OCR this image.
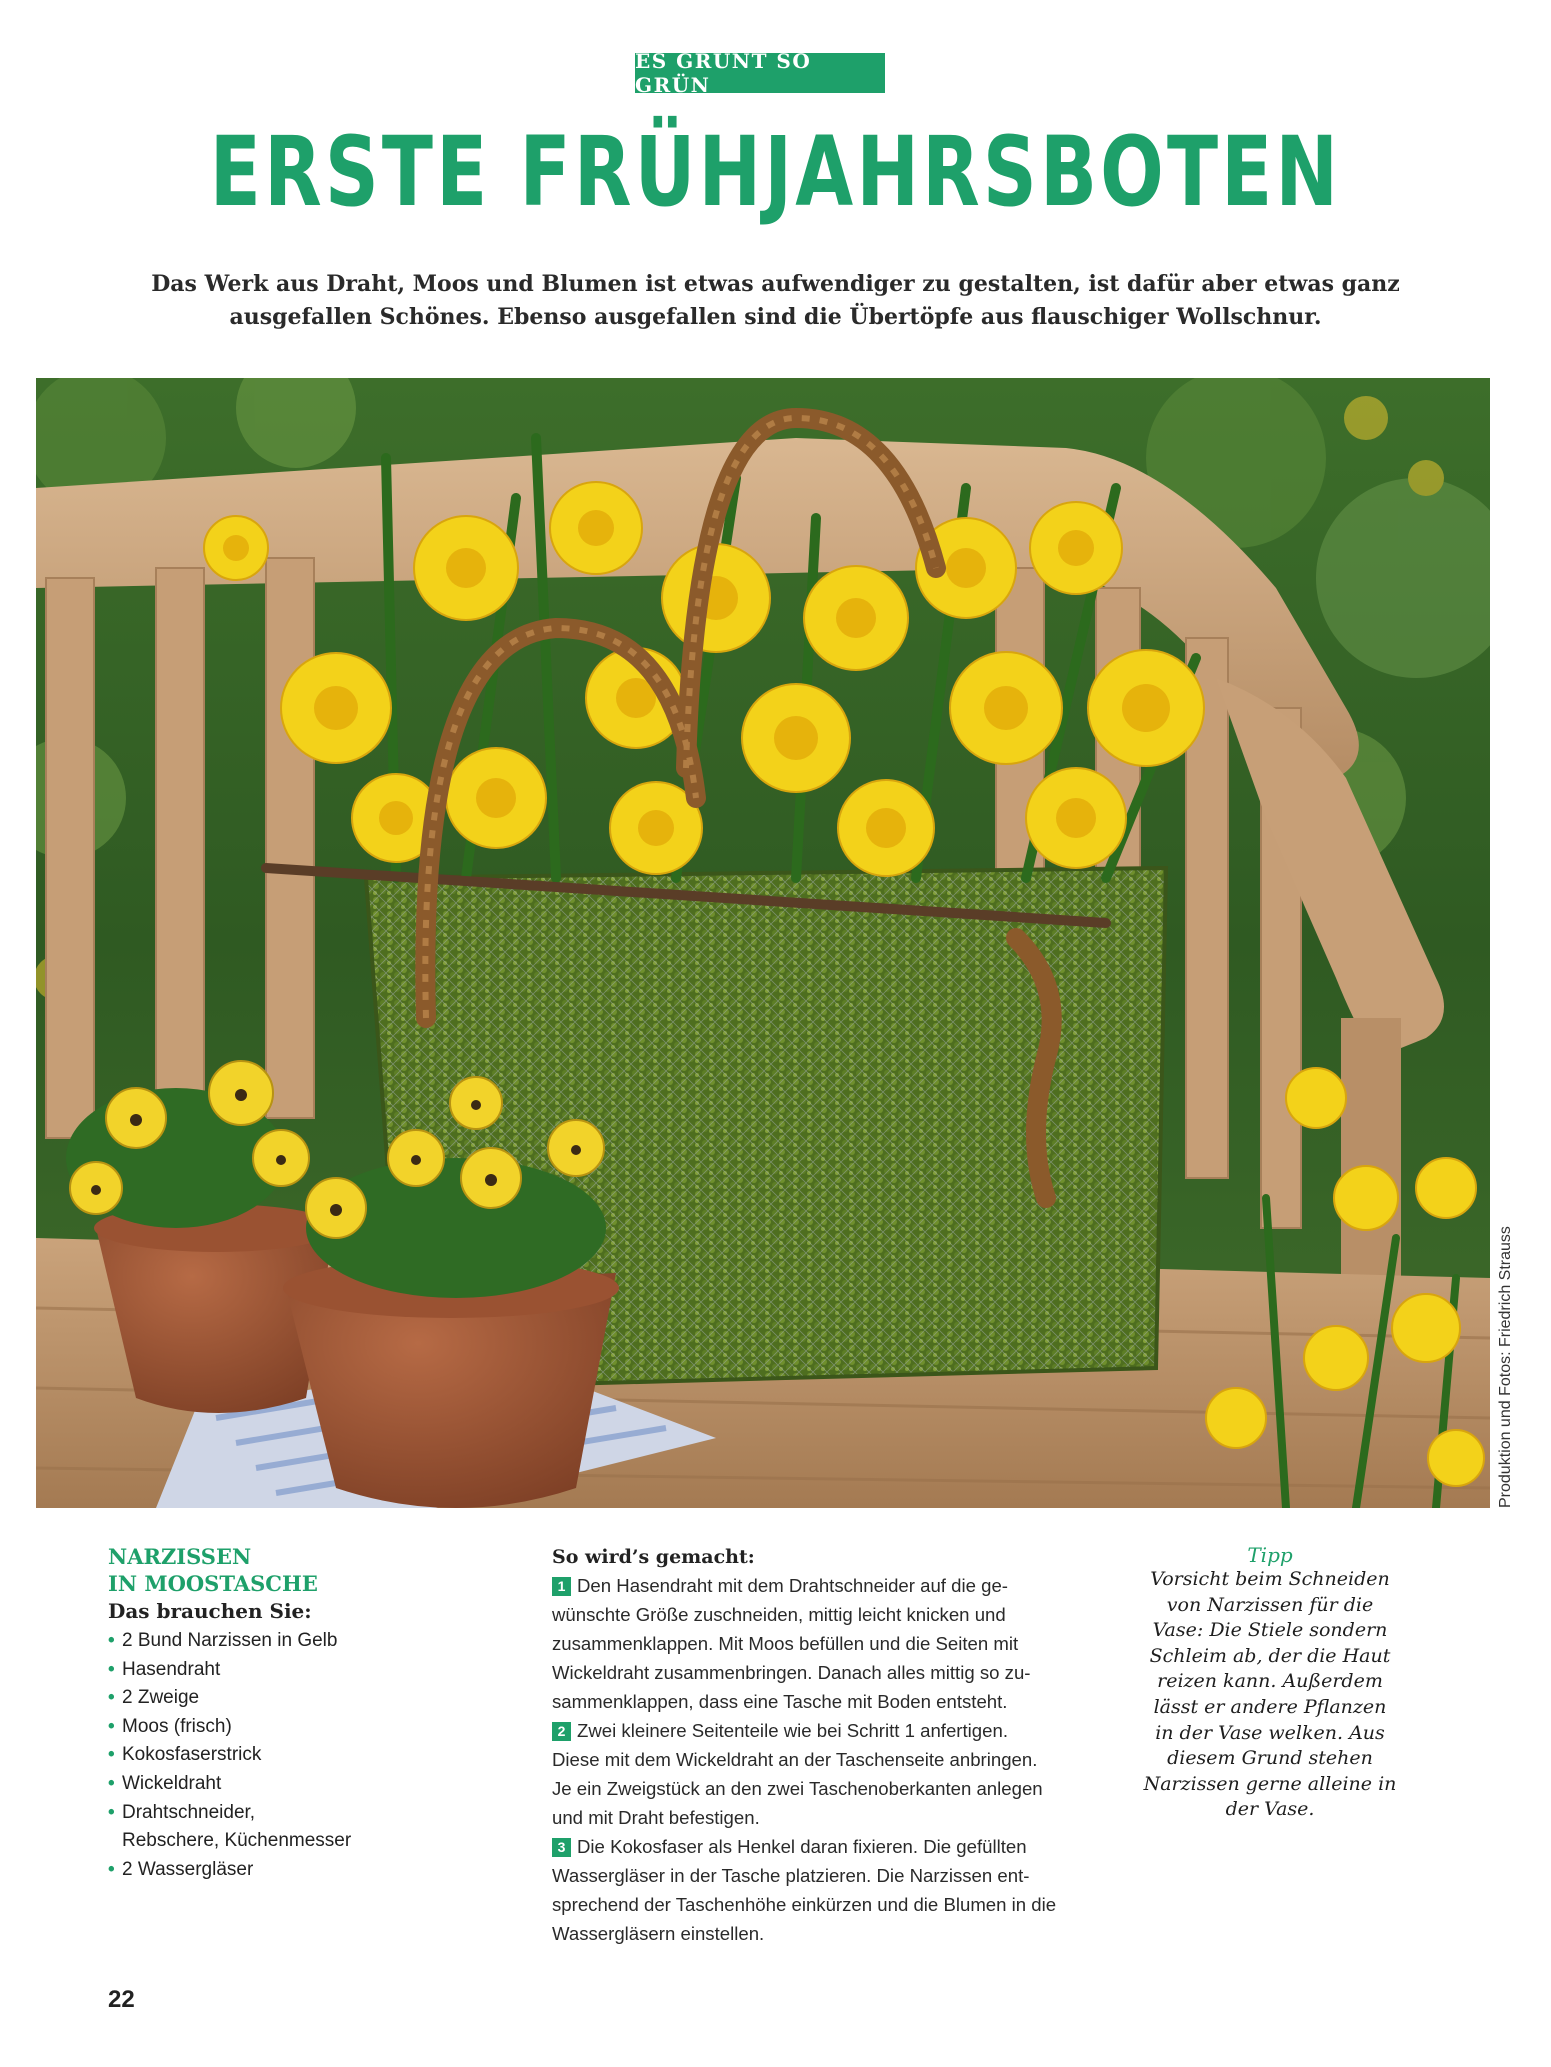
ES GRÜNT SO GRÜN
ERSTE FRÜHJAHRSBOTEN
Das Werk aus Draht, Moos und Blumen ist etwas aufwendiger zu gestalten, ist dafür aber etwas ganz
ausgefallen Schönes. Ebenso ausgefallen sind die Übertöpfe aus flauschiger Wollschnur.
Produktion und Fotos: Friedrich Strauss
NARZISSEN
IN MOOSTASCHE
Das brauchen Sie:
• 2 Bund Narzissen in Gelb
• Hasendraht
• 2 Zweige
• Moos (frisch)
• Kokosfaserstrick
• Wickeldraht
• Drahtschneider,
Rebschere, Küchenmesser
• 2 Wassergläser
So wird’s gemacht:
1 Den Hasendraht mit dem Drahtschneider auf die ge-
wünschte Größe zuschneiden, mittig leicht knicken und
zusammenklappen. Mit Moos befüllen und die Seiten mit
Wickeldraht zusammenbringen. Danach alles mittig so zu-
sammenklappen, dass eine Tasche mit Boden entsteht.
2 Zwei kleinere Seitenteile wie bei Schritt 1 anfertigen.
Diese mit dem Wickeldraht an der Taschenseite anbringen.
Je ein Zweigstück an den zwei Taschenoberkanten anlegen
und mit Draht befestigen.
3 Die Kokosfaser als Henkel daran fixieren. Die gefüllten
Wassergläser in der Tasche platzieren. Die Narzissen ent-
sprechend der Taschenhöhe einkürzen und die Blumen in die
Wassergläsern einstellen.
Tipp
Vorsicht beim Schneiden
von Narzissen für die
Vase: Die Stiele sondern
Schleim ab, der die Haut
reizen kann. Außerdem
lässt er andere Pflanzen
in der Vase welken. Aus
diesem Grund stehen
Narzissen gerne alleine in
der Vase.
22
